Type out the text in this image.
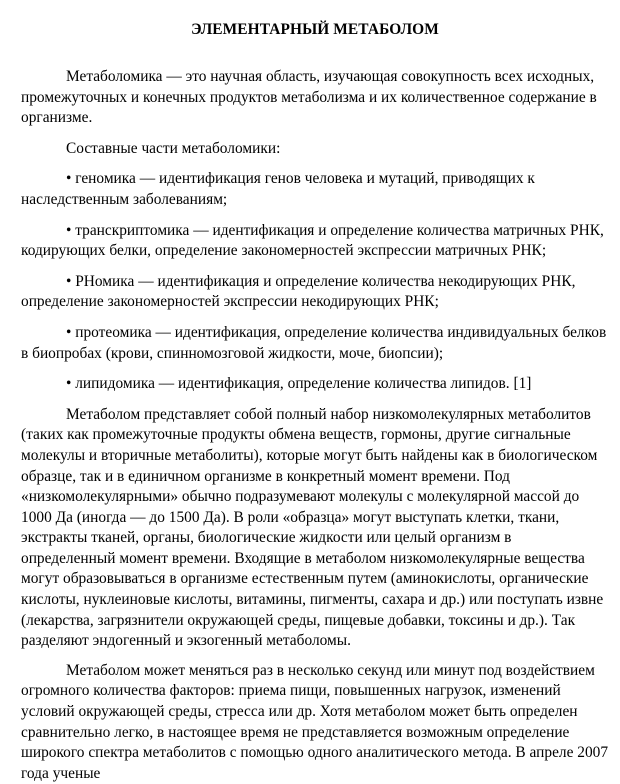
ЭЛЕМЕНТАРНЫЙ МЕТАБОЛОМ

Метаболомика — это научная область, изучающая совокупность всех исходных, промежуточных и конечных продуктов метаболизма и их количественное содержание в организме.

Составные части метаболомики:

• геномика — идентификация генов человека и мутаций, приводящих к наследственным заболеваниям;

• транскриптомика — идентификация и определение количества матричных РНК, кодирующих белки, определение закономерностей экспрессии матричных РНК;

• РНомика — идентификация и определение количества некодирующих РНК, определение закономерностей экспрессии некодирующих РНК;

• протеомика — идентификация, определение количества индивидуальных белков в биопробах (крови, спинномозговой жидкости, моче, биопсии);

• липидомика — идентификация, определение количества липидов. [1]

Метаболом представляет собой полный набор низкомолекулярных метаболитов (таких как промежуточные продукты обмена веществ, гормоны, другие сигнальные молекулы и вторичные метаболиты), которые могут быть найдены как в биологическом образце, так и в единичном организме в конкретный момент времени. Под «низкомолекулярными» обычно подразумевают молекулы с молекулярной массой до 1000 Да (иногда — до 1500 Да). В роли «образца» могут выступать клетки, ткани, экстракты тканей, органы, биологические жидкости или целый организм в определенный момент времени. Входящие в метаболом низкомолекулярные вещества могут образовываться в организме естественным путем (аминокислоты, органические кислоты, нуклеиновые кислоты, витамины, пигменты, сахара и др.) или поступать извне (лекарства, загрязнители окружающей среды, пищевые добавки, токсины и др.). Так разделяют эндогенный и экзогенный метаболомы.

Метаболом может меняться раз в несколько секунд или минут под воздействием огромного количества факторов: приема пищи, повышенных нагрузок, изменений условий окружающей среды, стресса или др. Хотя метаболом может быть определен сравнительно легко, в настоящее время не представляется возможным определение широкого спектра метаболитов с помощью одного аналитического метода. В апреле 2007 года ученые
